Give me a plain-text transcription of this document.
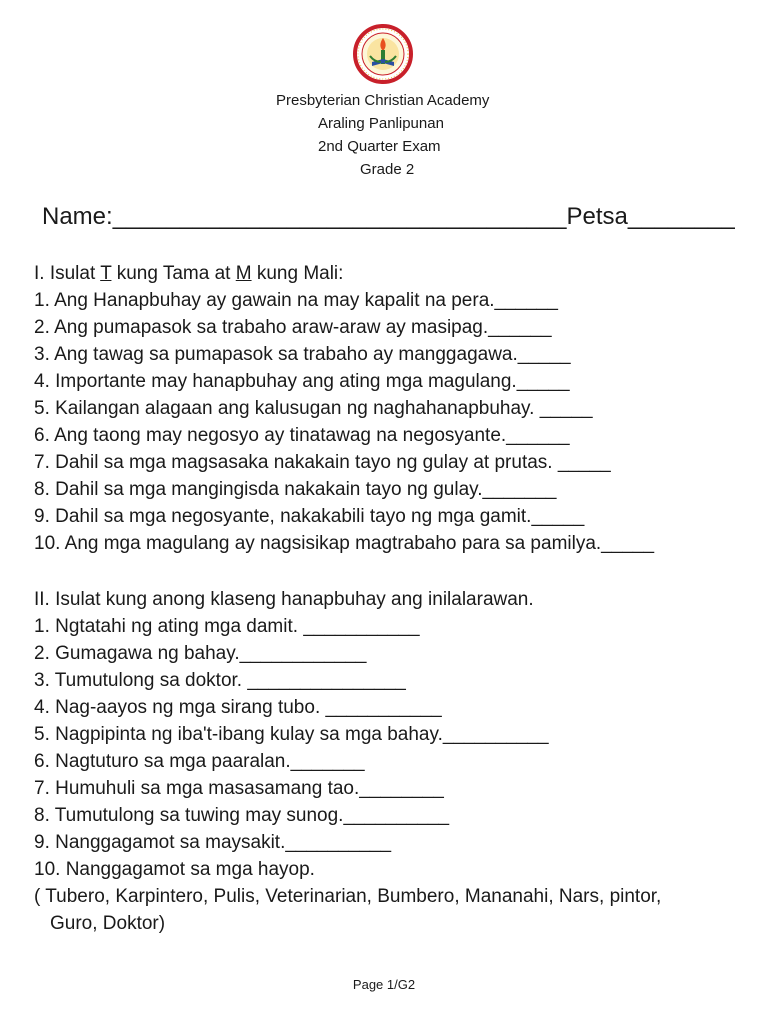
Presbyterian Christian Academy
Araling Panlipunan
2nd Quarter Exam
Grade 2
Name:__________________________________Petsa________
I. Isulat T kung Tama at M kung Mali:
1. Ang Hanapbuhay ay gawain na may kapalit na pera.______
2. Ang pumapasok sa trabaho araw-araw ay masipag.______
3. Ang tawag sa pumapasok sa trabaho ay manggagawa._____
4. Importante may hanapbuhay ang ating mga magulang._____
5. Kailangan alagaan ang kalusugan ng naghahanapbuhay. _____
6. Ang taong may negosyo ay tinatawag na negosyante.______
7. Dahil sa mga magsasaka nakakain tayo ng gulay at prutas. _____
8. Dahil sa mga mangingisda nakakain tayo ng gulay._______
9. Dahil sa mga negosyante, nakakabili tayo ng mga gamit._____
10. Ang mga magulang ay nagsisikap magtrabaho para sa pamilya._____
II. Isulat kung anong klaseng hanapbuhay ang inilalarawan.
1. Ngtatahi ng ating mga damit. ___________
2. Gumagawa ng bahay.____________
3. Tumutulong sa doktor. _______________
4. Nag-aayos ng mga sirang tubo. ___________
5. Nagpipinta ng iba't-ibang kulay sa mga bahay.__________
6. Nagtuturo sa mga paaralan._______
7. Humuhuli sa mga masasamang tao.________
8. Tumutulong sa tuwing may sunog.__________
9. Nanggagamot sa maysakit.__________
10. Nanggagamot sa mga hayop.
( Tubero, Karpintero, Pulis, Veterinarian, Bumbero, Mananahi, Nars, pintor,
Guro, Doktor)
Page 1/G2
